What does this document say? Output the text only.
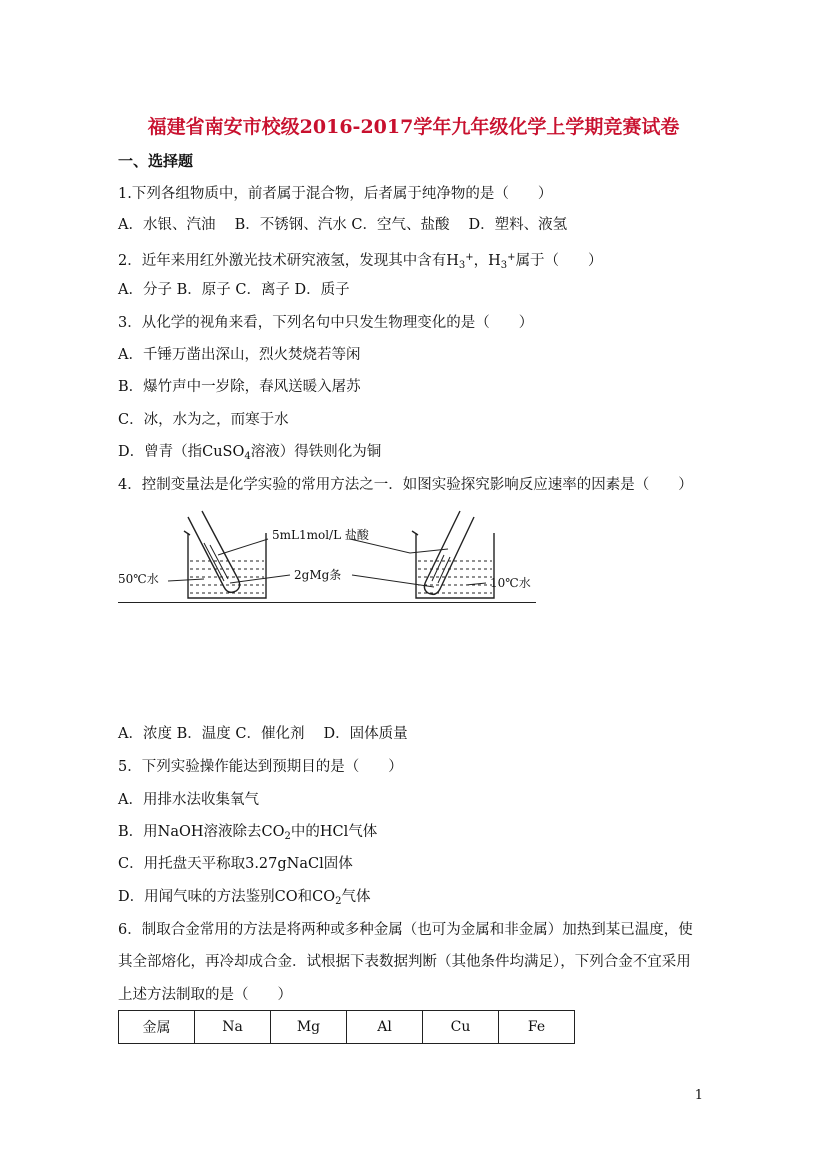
福建省南安市校级2016-2017学年九年级化学上学期竞赛试卷
一、选择题
1.下列各组物质中，前者属于混合物，后者属于纯净物的是（　　）
A．水银、汽油　 B．不锈钢、汽水 C．空气、盐酸　 D．塑料、液氢
2．近年来用红外激光技术研究液氢，发现其中含有$H_3^+$，$H_3^+$属于（　　）
A．分子 B．原子 C．离子 D．质子
3．从化学的视角来看，下列名句中只发生物理变化的是（　　）
A．千锤万凿出深山，烈火焚烧若等闲
B．爆竹声中一岁除，春风送暖入屠苏
C．冰，水为之，而寒于水
D．曾青（指CuSO$_4$溶液）得铁则化为铜
4．控制变量法是化学实验的常用方法之一．如图实验探究影响反应速率的因素是（　　）
5mL1mol/L 盐酸
2gMg条
50℃水	10℃水
A．浓度 B．温度 C．催化剂　 D．固体质量
5．下列实验操作能达到预期目的是（　　）
A．用排水法收集氧气
B．用NaOH溶液除去$CO_2$中的HCl气体
C．用托盘天平称取3.27gNaCl固体
D．用闻气味的方法鉴别CO和$CO_2$气体
6．制取合金常用的方法是将两种或多种金属（也可为金属和非金属）加热到某已温度，使
其全部熔化，再冷却成合金．试根据下表数据判断（其他条件均满足），下列合金不宜采用
上述方法制取的是（　　）
金属	Na	Mg	Al	Cu	Fe
1
